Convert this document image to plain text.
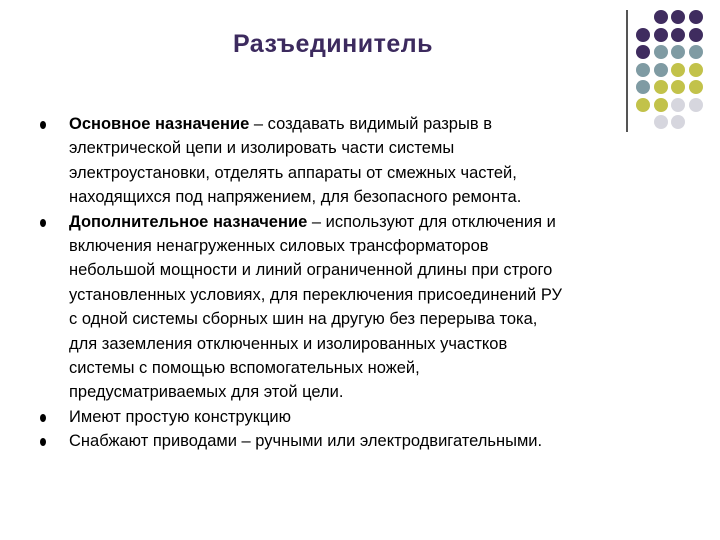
Разъединитель
Основное назначение – создавать видимый разрыв в
электрической цепи и изолировать части системы
электроустановки, отделять аппараты от смежных частей,
находящихся под напряжением, для безопасного ремонта.
Дополнительное назначение – используют для отключения и
включения ненагруженных силовых трансформаторов
небольшой мощности и линий ограниченной длины при строго
установленных условиях, для переключения присоединений РУ
с одной системы сборных шин на другую без перерыва тока,
для заземления отключенных и изолированных участков
системы с помощью вспомогательных ножей,
предусматриваемых для этой цели.
Имеют простую конструкцию
Снабжают приводами – ручными или электродвигательными.
